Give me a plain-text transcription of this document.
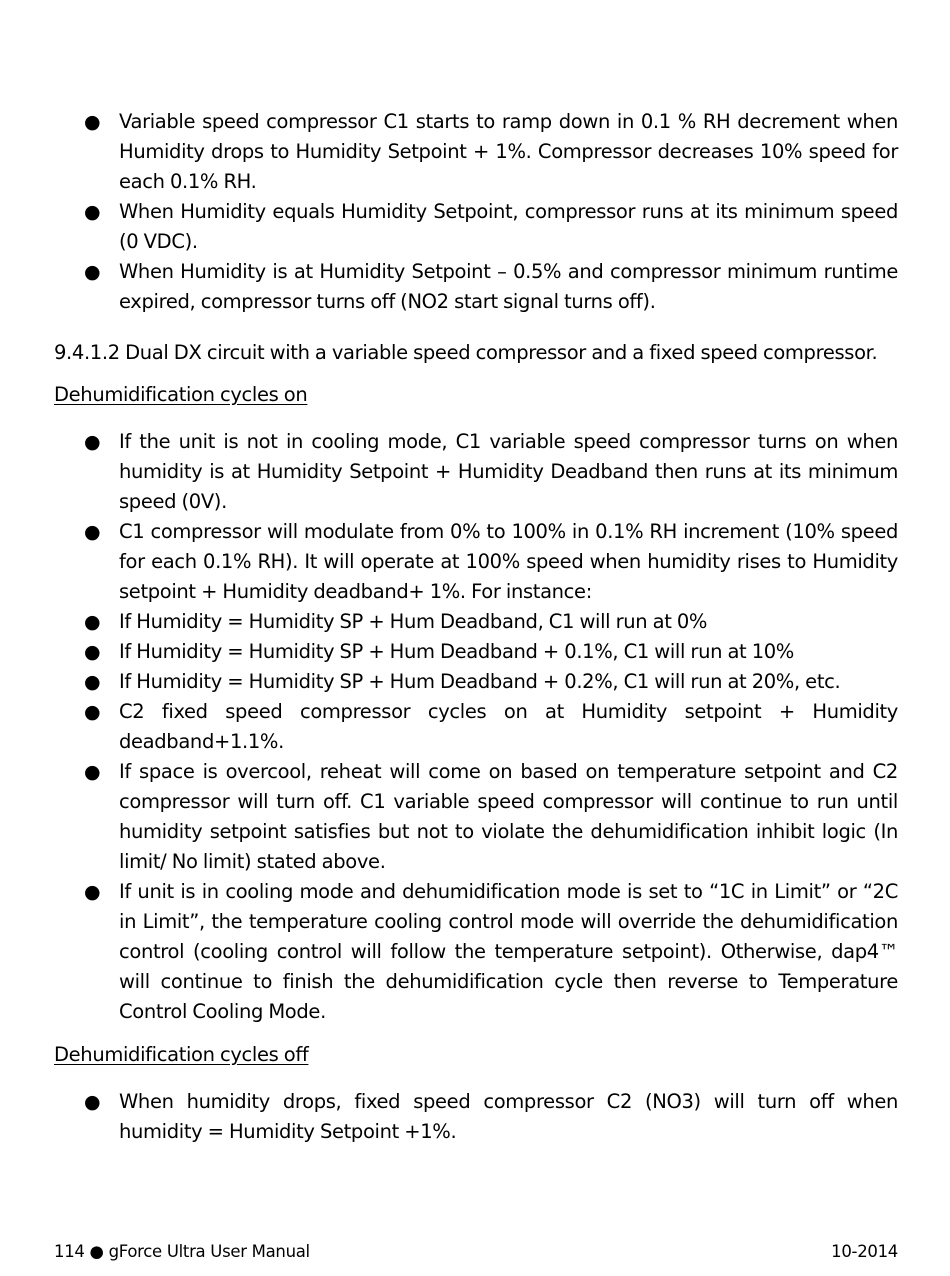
● Variable speed compressor C1 starts to ramp down in 0.1 % RH decrement when Humidity drops to Humidity Setpoint + 1%. Compressor decreases 10% speed for each 0.1% RH.
● When Humidity equals Humidity Setpoint, compressor runs at its minimum speed (0 VDC).
● When Humidity is at Humidity Setpoint – 0.5% and compressor minimum runtime expired, compressor turns off (NO2 start signal turns off).
9.4.1.2 Dual DX circuit with a variable speed compressor and a fixed speed compressor.
Dehumidification cycles on
● If the unit is not in cooling mode, C1 variable speed compressor turns on when humidity is at Humidity Setpoint + Humidity Deadband then runs at its minimum speed (0V).
● C1 compressor will modulate from 0% to 100% in 0.1% RH increment (10% speed for each 0.1% RH). It will operate at 100% speed when humidity rises to Humidity setpoint + Humidity deadband+ 1%. For instance:
● If Humidity = Humidity SP + Hum Deadband, C1 will run at 0%
● If Humidity = Humidity SP + Hum Deadband + 0.1%, C1 will run at 10%
● If Humidity = Humidity SP + Hum Deadband + 0.2%, C1 will run at 20%, etc.
● C2 fixed speed compressor cycles on at Humidity setpoint + Humidity deadband+1.1%.
● If space is overcool, reheat will come on based on temperature setpoint and C2 compressor will turn off. C1 variable speed compressor will continue to run until humidity setpoint satisfies but not to violate the dehumidification inhibit logic (In limit/ No limit) stated above.
● If unit is in cooling mode and dehumidification mode is set to “1C in Limit” or “2C in Limit”, the temperature cooling control mode will override the dehumidification control (cooling control will follow the temperature setpoint). Otherwise, dap4™ will continue to finish the dehumidification cycle then reverse to Temperature Control Cooling Mode.
Dehumidification cycles off
● When humidity drops, fixed speed compressor C2 (NO3) will turn off when humidity = Humidity Setpoint +1%.
114 ● gForce Ultra User Manual	10-2014
